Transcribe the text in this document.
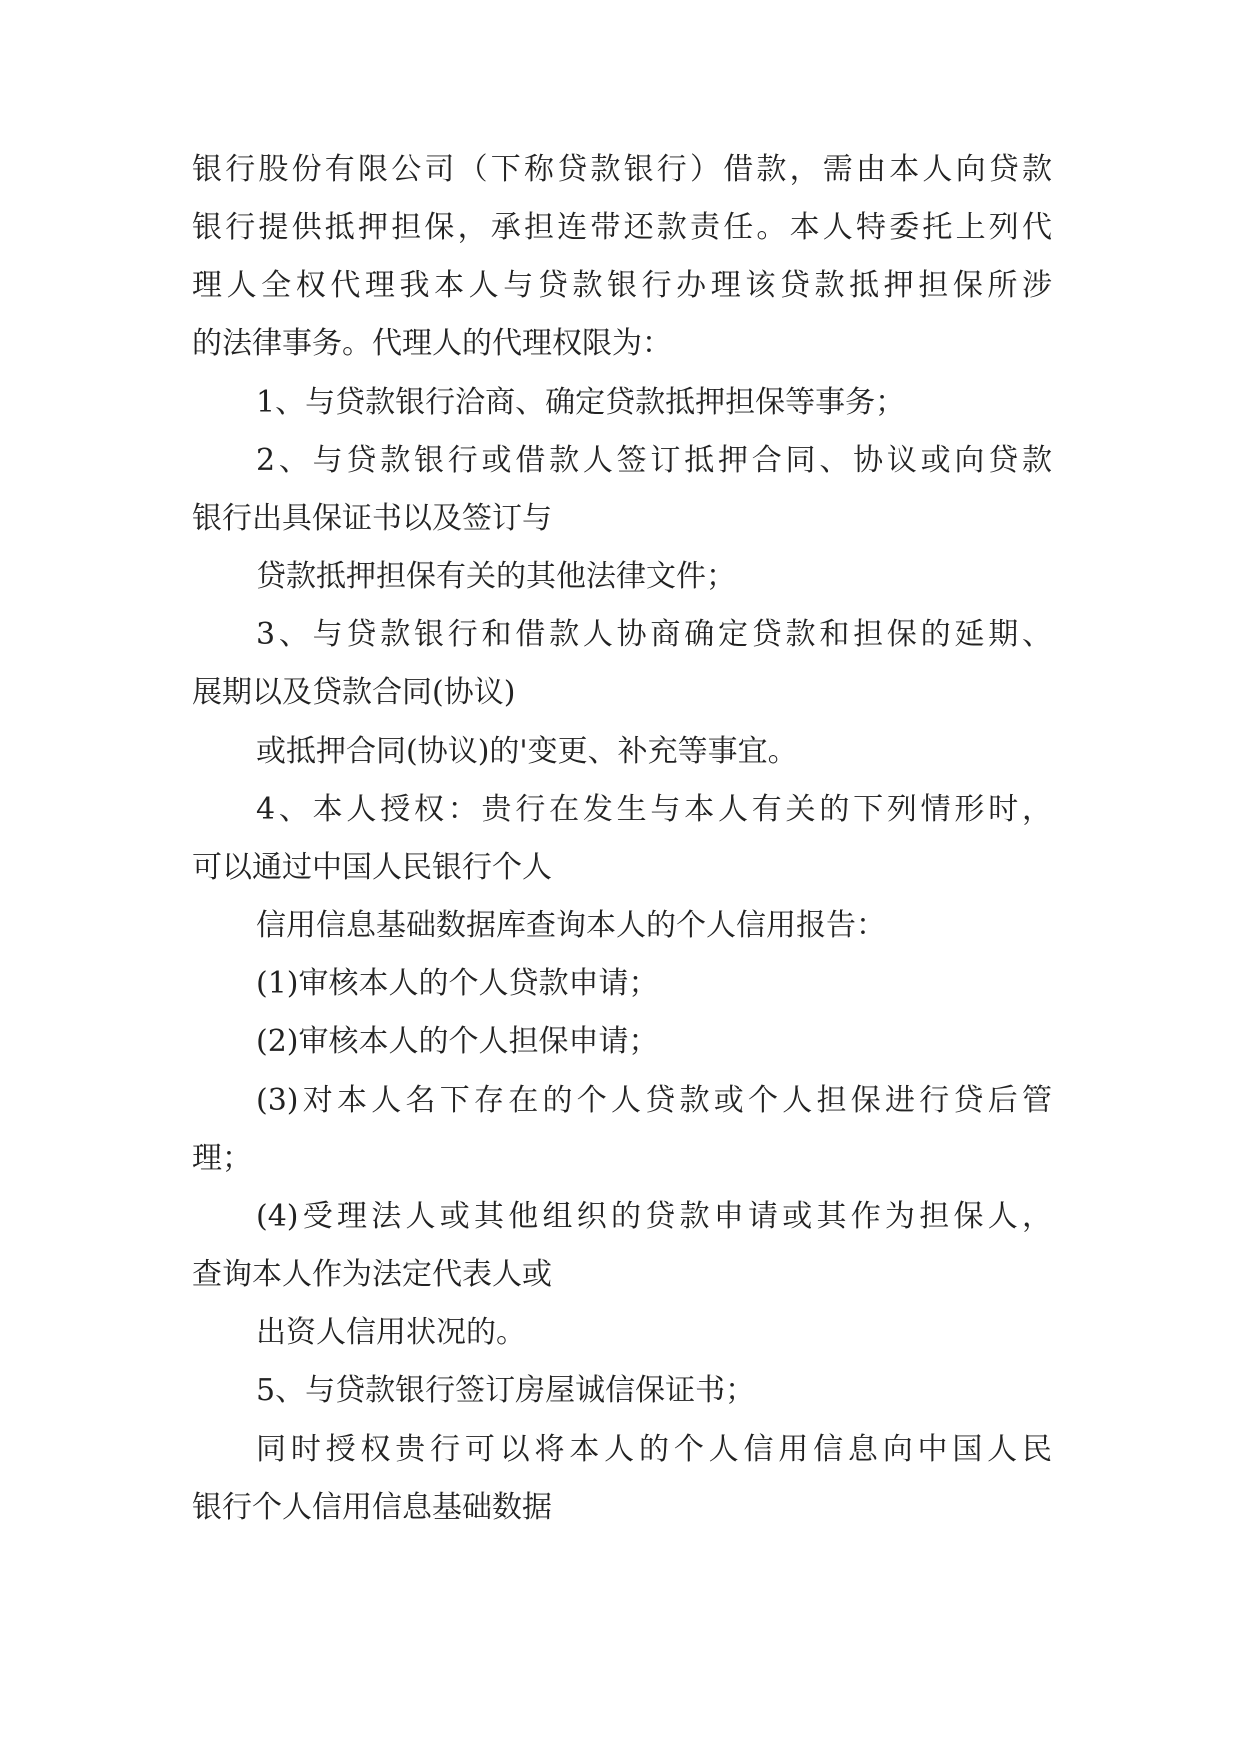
银行股份有限公司（下称贷款银行）借款，需由本人向贷款
银行提供抵押担保，承担连带还款责任。本人特委托上列代
理人全权代理我本人与贷款银行办理该贷款抵押担保所涉
的法律事务。代理人的代理权限为：
1、与贷款银行洽商、确定贷款抵押担保等事务；
2、与贷款银行或借款人签订抵押合同、协议或向贷款
银行出具保证书以及签订与
贷款抵押担保有关的其他法律文件；
3、与贷款银行和借款人协商确定贷款和担保的延期、
展期以及贷款合同(协议)
或抵押合同(协议)的'变更、补充等事宜。
4、本人授权：贵行在发生与本人有关的下列情形时，
可以通过中国人民银行个人
信用信息基础数据库查询本人的个人信用报告：
(1)审核本人的个人贷款申请；
(2)审核本人的个人担保申请；
(3)对本人名下存在的个人贷款或个人担保进行贷后管
理；
(4)受理法人或其他组织的贷款申请或其作为担保人，
查询本人作为法定代表人或
出资人信用状况的。
5、与贷款银行签订房屋诚信保证书；
同时授权贵行可以将本人的个人信用信息向中国人民
银行个人信用信息基础数据
